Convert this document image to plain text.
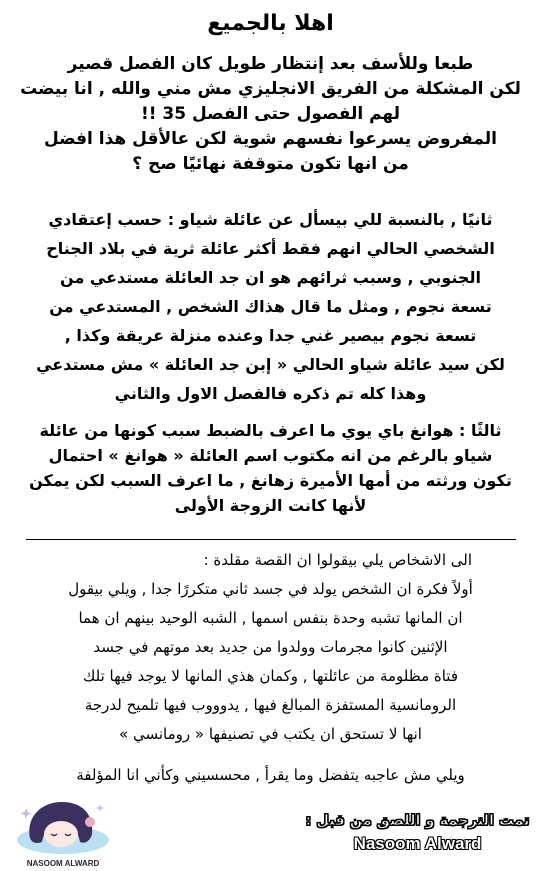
اهلا بالجميع
طبعا وللأسف بعد إنتظار طويل كان الفصل قصير
لكن المشكلة من الفريق الانجليزي مش مني والله , انا بيضت
لهم الفصول حتى الفصل 35 !!
المفروض يسرعوا نفسهم شوية لكن عالأقل هذا افضل
من انها تكون متوقفة نهائيًا صح ؟
ثانيًا , بالنسبة للي بيسأل عن عائلة شياو : حسب إعتقادي
الشخصي الحالي انهم فقط أكثر عائلة ثرية في بلاد الجناح
الجنوبي , وسبب ثرائهم هو ان جد العائلة مستدعي من
تسعة نجوم , ومثل ما قال هذاك الشخص , المستدعي من
تسعة نجوم بيصير غني جدا وعنده منزلة عريقة وكذا ,
لكن سيد عائلة شياو الحالي « إبن جد العائلة » مش مستدعي
وهذا كله تم ذكره فالفصل الاول والثاني
ثالثًا : هوانغ باي يوي ما اعرف بالضبط سبب كونها من عائلة
شياو بالرغم من انه مكتوب اسم العائلة « هوانغ » احتمال
تكون ورثته من أمها الأميرة زهانغ , ما اعرف السبب لكن يمكن
لأنها كانت الزوجة الأولى
الى الاشخاص يلي بيقولوا ان القصة مقلدة :
أولاً فكرة ان الشخص يولد في جسد ثاني متكررًا جدا , ويلي بيقول
ان المانها تشبه وحدة بنفس اسمها , الشبه الوحيد بينهم ان هما
الإثنين كانوا مجرمات وولدوا من جديد بعد موتهم في جسد
فتاة مظلومة من عائلتها , وكمان هذي المانها لا يوجد فيها تلك
الرومانسية المستفزة المبالغ فيها , يدوووب فيها تلميح لدرجة
انها لا تستحق ان يكتب في تصنيفها « رومانسي »
ويلي مش عاجبه يتفضل وما يقرأ , محسسيني وكأني انا المؤلفة
NASOOM ALWARD
تمت الترجمة و اللصق من قبل :
Nasoom Alward
